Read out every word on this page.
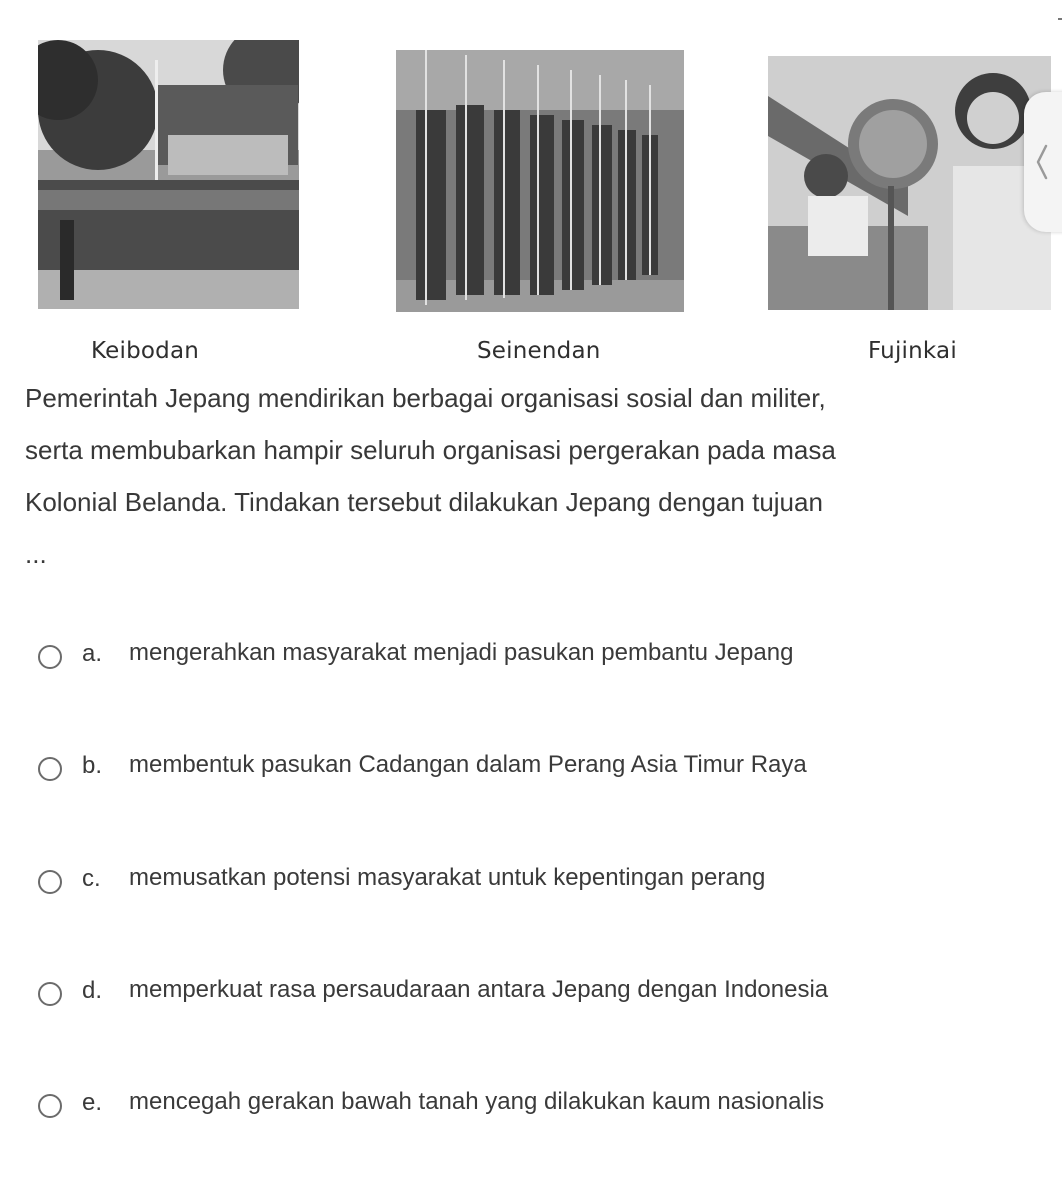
Keibodan	Seinendan	Fujinkai

Pemerintah Jepang mendirikan berbagai organisasi sosial dan militer, serta membubarkan hampir seluruh organisasi pergerakan pada masa Kolonial Belanda. Tindakan tersebut dilakukan Jepang dengan tujuan ...

a. mengerahkan masyarakat menjadi pasukan pembantu Jepang
b. membentuk pasukan Cadangan dalam Perang Asia Timur Raya
c. memusatkan potensi masyarakat untuk kepentingan perang
d. memperkuat rasa persaudaraan antara Jepang dengan Indonesia
e. mencegah gerakan bawah tanah yang dilakukan kaum nasionalis
